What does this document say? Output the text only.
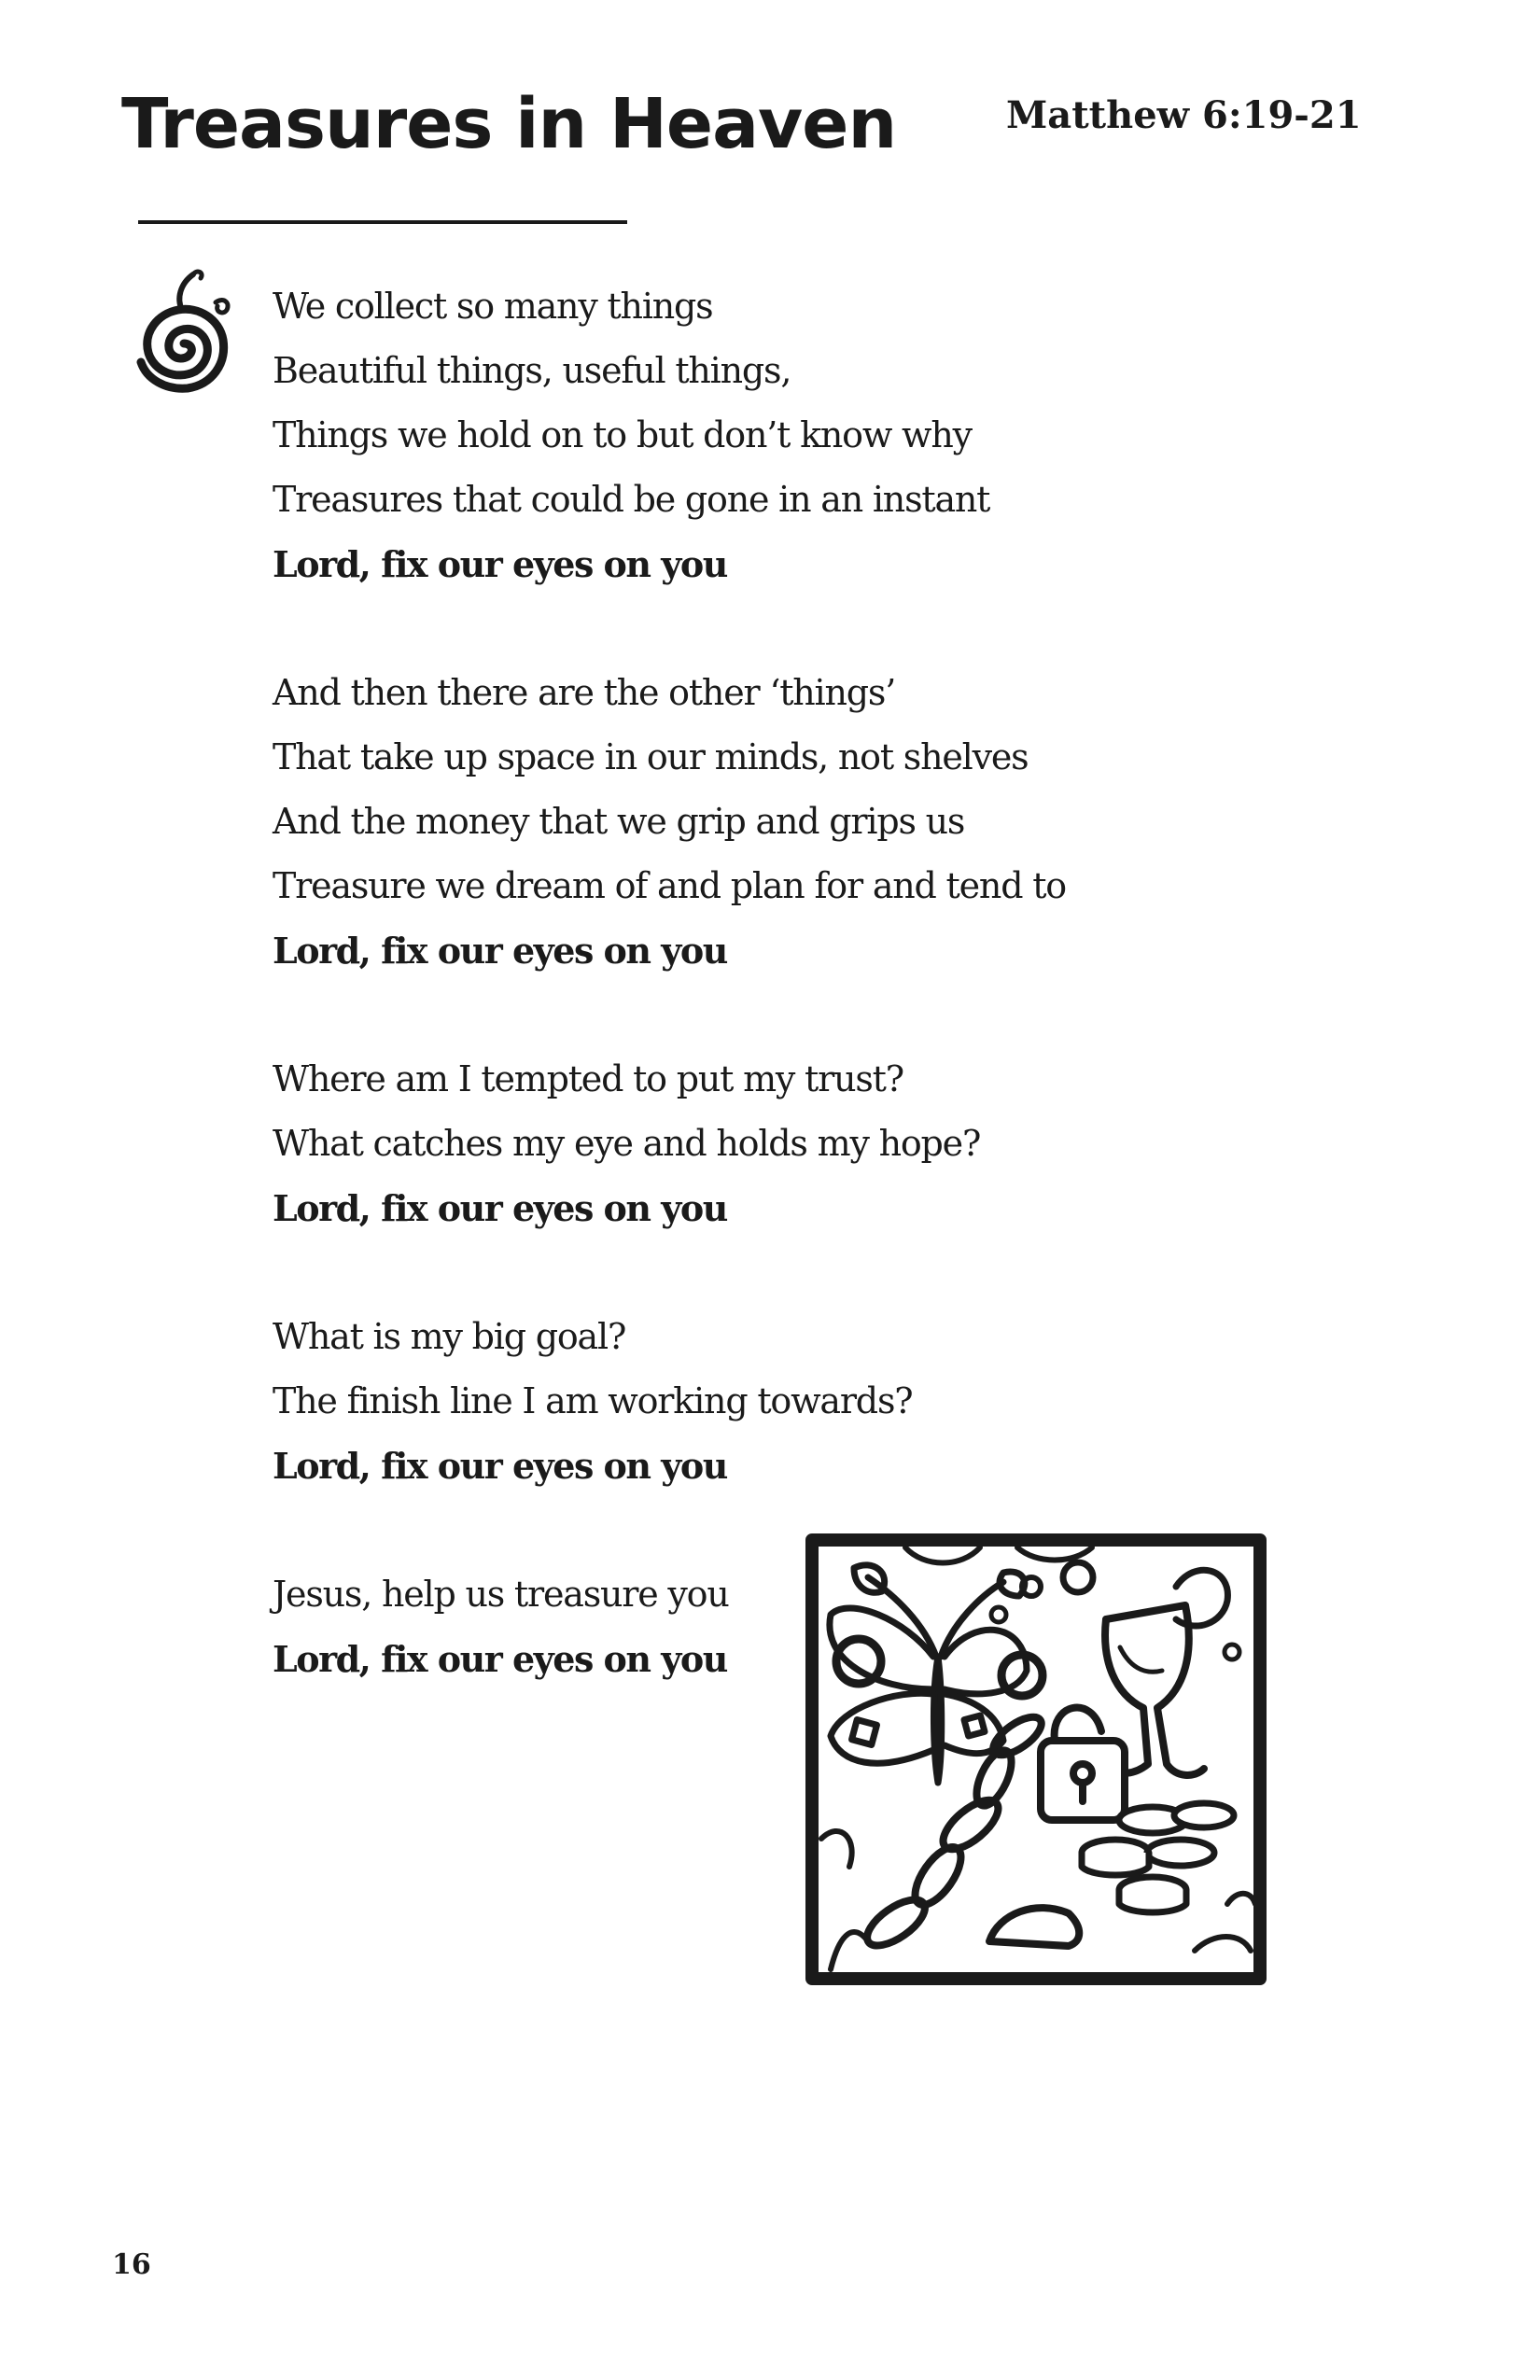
Treasures in Heaven	Matthew 6:19-21
We collect so many things
Beautiful things, useful things,
Things we hold on to but don’t know why
Treasures that could be gone in an instant
Lord, fix our eyes on you
And then there are the other ‘things’
That take up space in our minds, not shelves
And the money that we grip and grips us
Treasure we dream of and plan for and tend to
Lord, fix our eyes on you
Where am I tempted to put my trust?
What catches my eye and holds my hope?
Lord, fix our eyes on you
What is my big goal?
The finish line I am working towards?
Lord, fix our eyes on you
Jesus, help us treasure you
Lord, fix our eyes on you
16
